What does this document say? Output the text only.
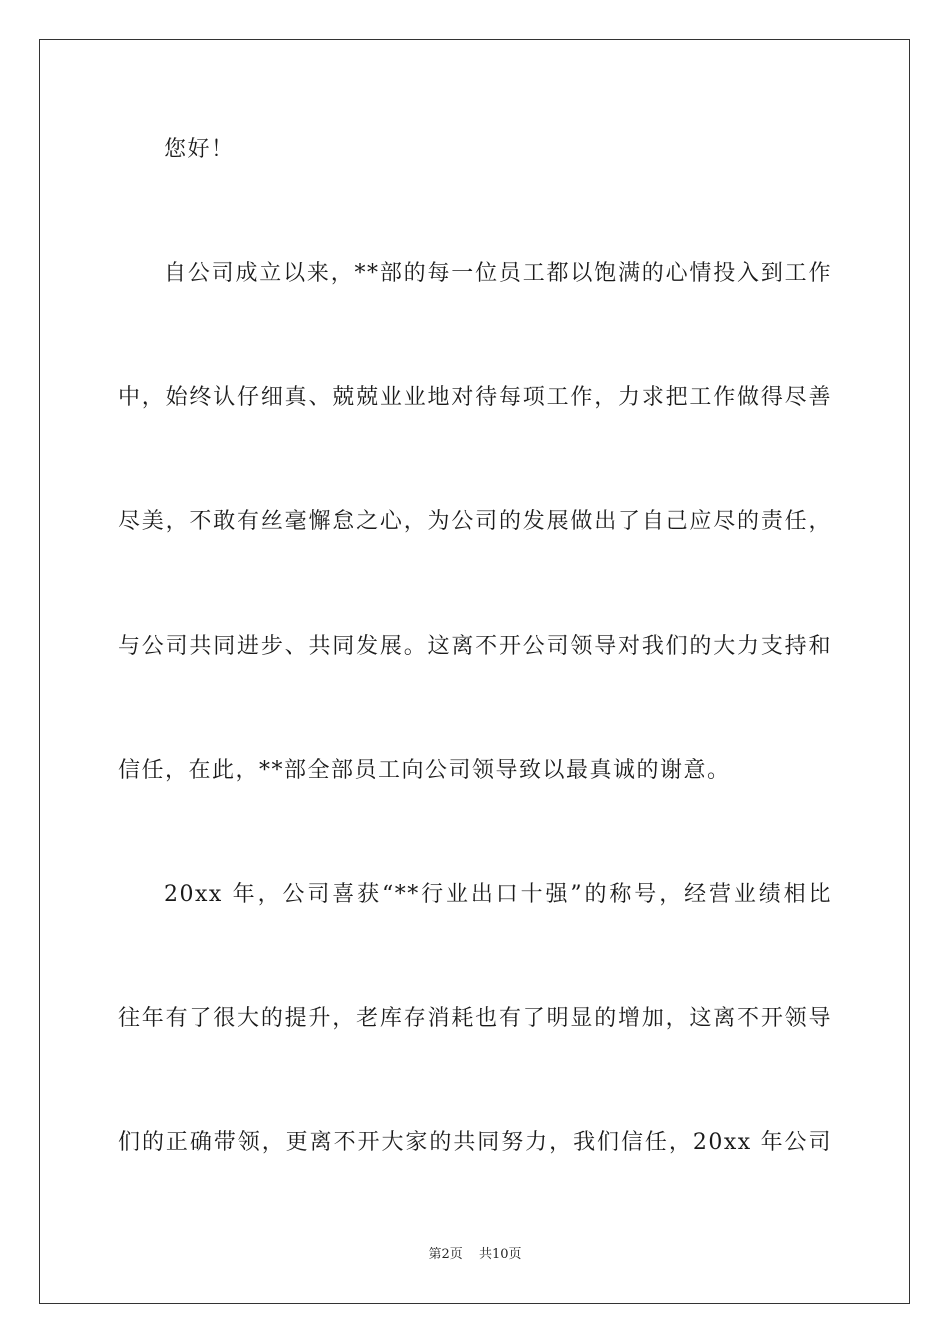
您好！
自公司成立以来，**部的每一位员工都以饱满的心情投入到工作
中，始终认仔细真、兢兢业业地对待每项工作，力求把工作做得尽善
尽美，不敢有丝毫懈怠之心，为公司的发展做出了自己应尽的责任，
与公司共同进步、共同发展。这离不开公司领导对我们的大力支持和
信任，在此，**部全部员工向公司领导致以最真诚的谢意。
20xx 年，公司喜获“**行业出口十强”的称号，经营业绩相比
往年有了很大的提升，老库存消耗也有了明显的增加，这离不开领导
们的正确带领，更离不开大家的共同努力，我们信任，20xx 年公司
第2页 共10页
